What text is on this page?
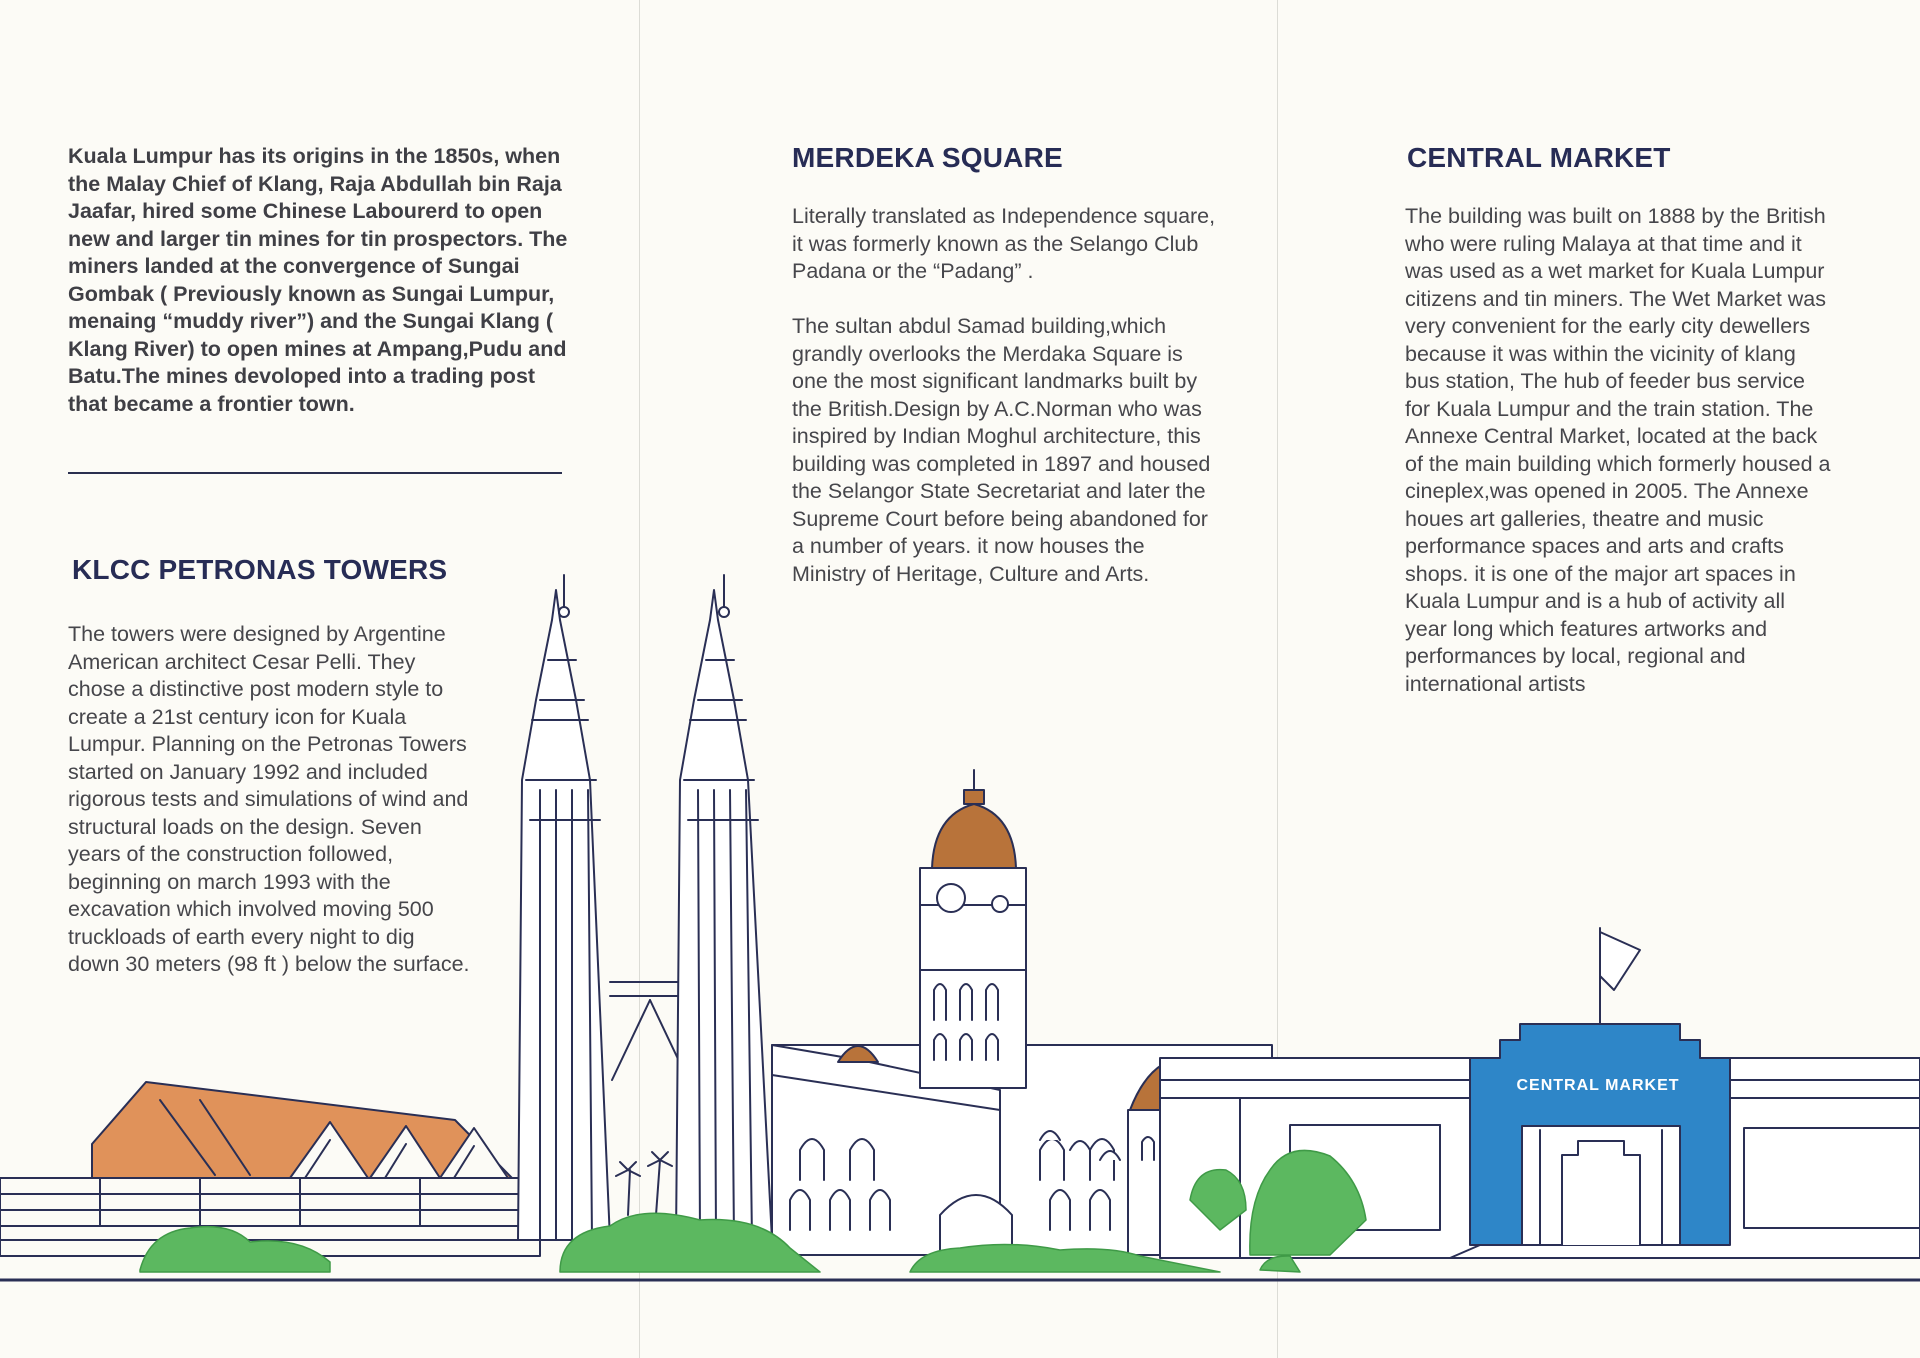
Kuala Lumpur has its origins in the 1850s, when the Malay Chief of Klang, Raja Abdullah bin Raja Jaafar, hired some Chinese Labourerd to open new and larger tin mines for tin prospectors. The miners landed at the convergence of Sungai Gombak ( Previously known as Sungai Lumpur, menaing “muddy river”) and the Sungai Klang ( Klang River) to open mines at Ampang,Pudu and Batu.The mines devoloped into a trading post that became a frontier town.

KLCC PETRONAS TOWERS

The towers were designed by Argentine American architect Cesar Pelli. They chose a distinctive post modern style to create a 21st century icon for Kuala Lumpur. Planning on the Petronas Towers started on January 1992 and included rigorous tests and simulations of wind and structural loads on the design. Seven years of the construction followed, beginning on march 1993 with the excavation which involved moving 500 truckloads of earth every night to dig down 30 meters (98 ft ) below the surface.

MERDEKA SQUARE

Literally translated as Independence square, it was formerly known as the Selango Club Padana or the “Padang” .

The sultan abdul Samad building,which grandly overlooks the Merdaka Square is one the most significant landmarks built by the British.Design by A.C.Norman who was inspired by Indian Moghul architecture, this building was completed in 1897 and housed the Selangor State Secretariat and later the Supreme Court before being abandoned for a number of years. it now houses the Ministry of Heritage, Culture and Arts.

CENTRAL MARKET

The building was built on 1888 by the British who were ruling Malaya at that time and it was used as a wet market for Kuala Lumpur citizens and tin miners. The Wet Market was very convenient for the early city dewellers because it was within the vicinity of klang bus station, The hub of feeder bus service for Kuala Lumpur and the train station. The Annexe Central Market, located at the back of the main building which formerly housed a cineplex,was opened in 2005. The Annexe houes art galleries, theatre and music performance spaces and arts and crafts shops. it is one of the major art spaces in Kuala Lumpur and is a hub of activity all year long which features artworks and performances by local, regional and international artists

CENTRAL MARKET
